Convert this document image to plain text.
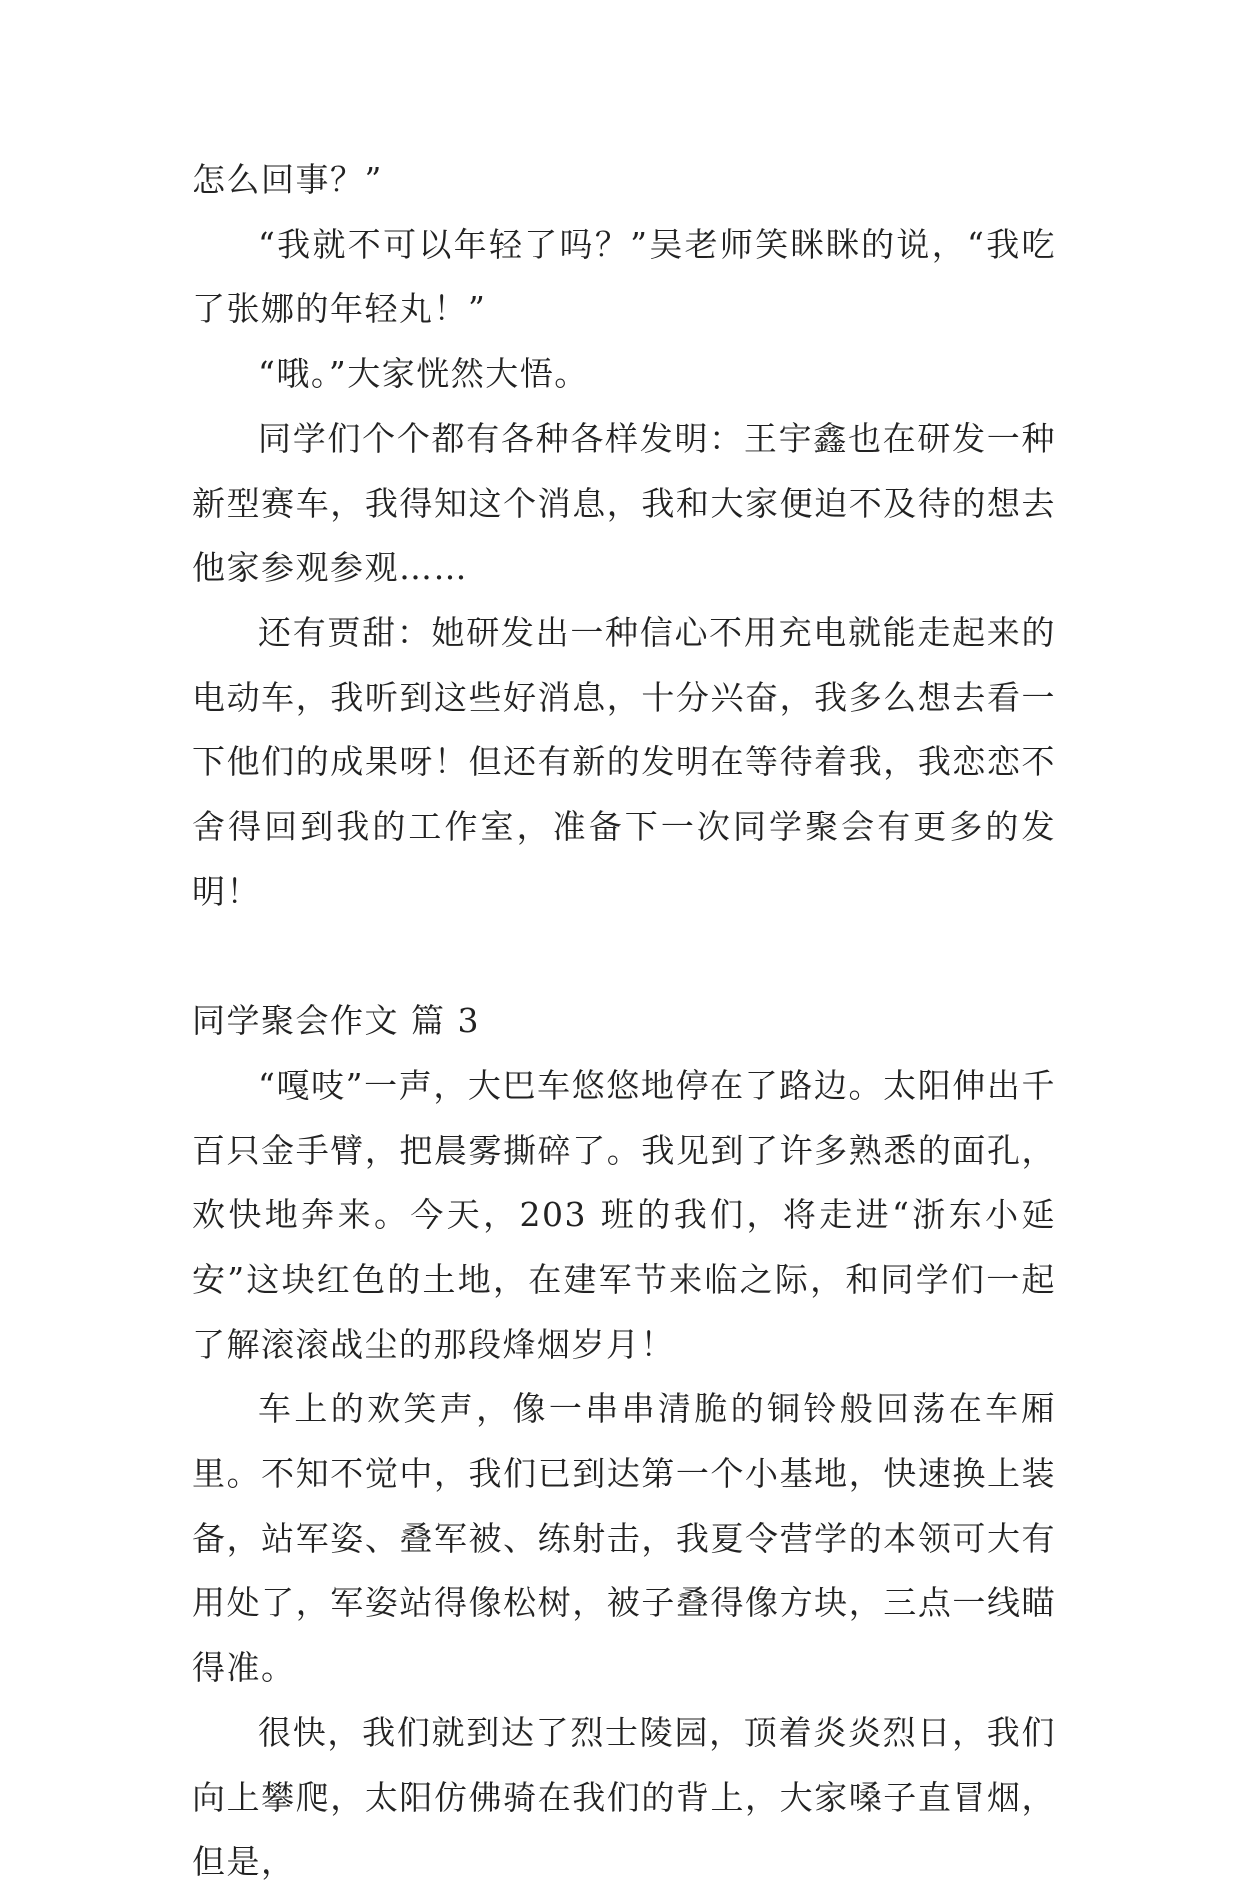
怎么回事？”

“我就不可以年轻了吗？”吴老师笑眯眯的说，“我吃了张娜的年轻丸！”

“哦。”大家恍然大悟。

同学们个个都有各种各样发明：王宇鑫也在研发一种新型赛车，我得知这个消息，我和大家便迫不及待的想去他家参观参观……

还有贾甜：她研发出一种信心不用充电就能走起来的电动车，我听到这些好消息，十分兴奋，我多么想去看一下他们的成果呀！但还有新的发明在等待着我，我恋恋不舍得回到我的工作室，准备下一次同学聚会有更多的发明！

同学聚会作文 篇 3

“嘎吱”一声，大巴车悠悠地停在了路边。太阳伸出千百只金手臂，把晨雾撕碎了。我见到了许多熟悉的面孔，欢快地奔来。今天，203 班的我们，将走进“浙东小延安”这块红色的土地，在建军节来临之际，和同学们一起了解滚滚战尘的那段烽烟岁月！

车上的欢笑声，像一串串清脆的铜铃般回荡在车厢里。不知不觉中，我们已到达第一个小基地，快速换上装备，站军姿、叠军被、练射击，我夏令营学的本领可大有用处了，军姿站得像松树，被子叠得像方块，三点一线瞄得准。

很快，我们就到达了烈士陵园，顶着炎炎烈日，我们向上攀爬，太阳仿佛骑在我们的背上，大家嗓子直冒烟，但是，
